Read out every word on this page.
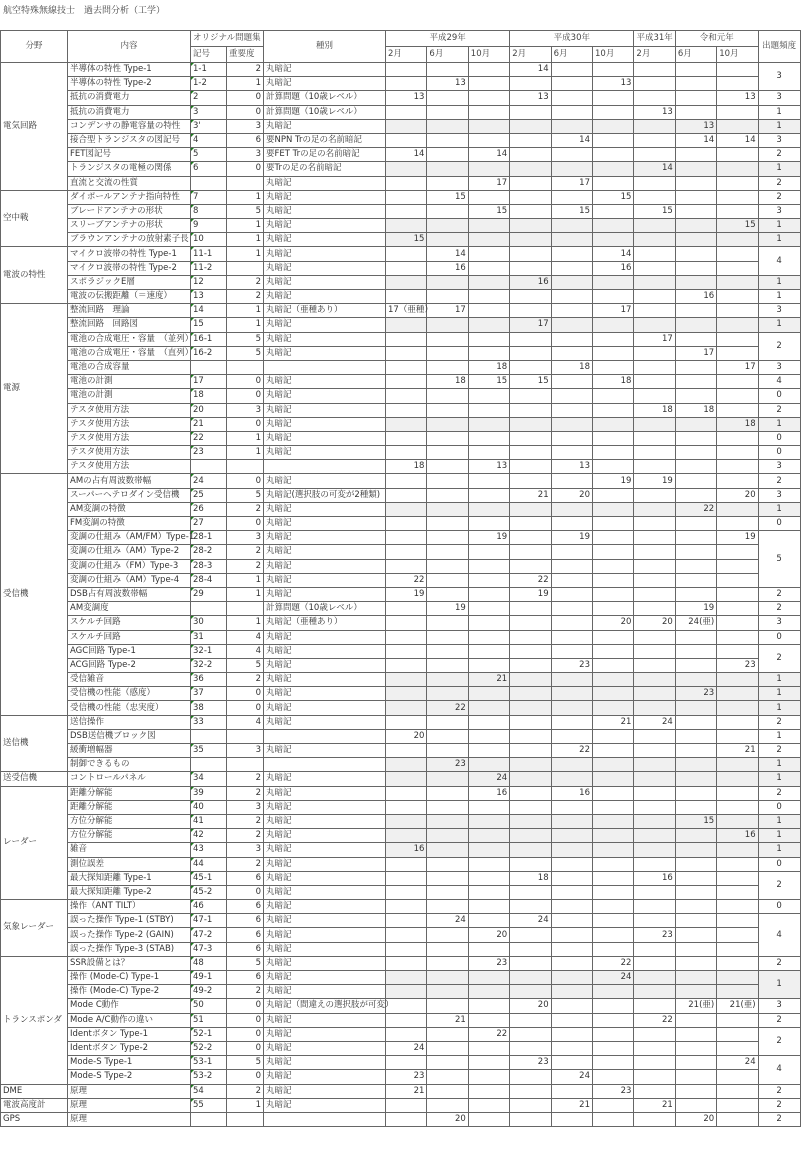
航空特殊無線技士　過去問分析（工学）
分野	内容	オリジナル問題集		種別	平成29年			平成30年			平成31年	令和元年		出題頻度
		記号	重要度		2月	6月	10月	2月	6月	10月	2月	6月	10月	
電気回路	半導体の特性 Type-1	1-1	2	丸暗記				14						3
	半導体の特性 Type-2	1-2	1	丸暗記		13				13				
	抵抗の消費電力	2	0	計算問題（10歳レベル）	13			13					13	3
	抵抗の消費電力	3	0	計算問題（10歳レベル）							13			1
	コンデンサの静電容量の特性	3'	3	丸暗記								13		1
	接合型トランジスタの図記号	4	6	要NPN Trの足の名前暗記					14			14	14	3
	FET図記号	5	3	要FET Trの足の名前暗記	14		14							2
	トランジスタの電極の関係	6	0	要Trの足の名前暗記							14			1
	直流と交流の性質			丸暗記			17		17					2
空中戦	ダイポールアンテナ指向特性	7	1	丸暗記		15				15				2
	ブレードアンテナの形状	8	5	丸暗記			15		15		15			3
	スリーブアンテナの形状	9	1	丸暗記									15	1
	ブラウンアンテナの放射素子長	10	1	丸暗記	15									1
電波の特性	マイクロ波帯の特性 Type-1	11-1	1	丸暗記		14				14				4
	マイクロ波帯の特性 Type-2	11-2		丸暗記		16				16				
	スポラジックE層	12	2	丸暗記				16						1
	電波の伝搬距離（＝速度）	13	2	丸暗記								16		1
電源	整流回路　理論	14	1	丸暗記（亜種あり）	17（亜種）	17				17				3
	整流回路　回路図	15	1	丸暗記				17						1
	電池の合成電圧・容量　（並列）	16-1	5	丸暗記							17			2
	電池の合成電圧・容量　（直列）	16-2	5	丸暗記								17		
	電池の合成容量						18		18				17	3
	電池の計測	17	0	丸暗記		18	15	15		18				4
	電池の計測	18	0	丸暗記										0
	テスタ使用方法	20	3	丸暗記							18	18		2
	テスタ使用方法	21	0	丸暗記									18	1
	テスタ使用方法	22	1	丸暗記										0
	テスタ使用方法	23	1	丸暗記										0
	テスタ使用方法				18		13		13					3
受信機	AMの占有周波数帯幅	24	0	丸暗記						19	19			2
	スーパーヘテロダイン受信機	25	5	丸暗記(選択肢の可変が2種類)				21	20				20	3
	AM変調の特徴	26	2	丸暗記								22		1
	FM変調の特徴	27	0	丸暗記										0
	変調の仕組み（AM/FM）Type-1	28-1	3	丸暗記			19		19				19	5
	変調の仕組み（AM）Type-2	28-2	2	丸暗記										
	変調の仕組み（FM）Type-3	28-3	2	丸暗記										
	変調の仕組み（AM）Type-4	28-4	1	丸暗記	22			22						
	DSB占有周波数帯幅	29	1	丸暗記	19			19						2
	AM変調度			計算問題（10歳レベル）		19						19		2
	スケルチ回路	30	1	丸暗記（亜種あり）						20	20	24(亜)		3
	スケルチ回路	31	4	丸暗記										0
	AGC回路 Type-1	32-1	4	丸暗記										2
	ACG回路 Type-2	32-2	5	丸暗記					23				23	
	受信雑音	36	2	丸暗記			21							1
	受信機の性能（感度）	37	0	丸暗記								23		1
	受信機の性能（忠実度）	38	0	丸暗記		22								1
送信機	送信操作	33	4	丸暗記						21	24			2
	DSB送信機ブロック図				20									1
	緩衝増幅器	35	3	丸暗記					22				21	2
	制御できるもの					23								1
送受信機	コントロールパネル	34	2	丸暗記			24							1
レーダー	距離分解能	39	2	丸暗記			16		16					2
	距離分解能	40	3	丸暗記										0
	方位分解能	41	2	丸暗記								15		1
	方位分解能	42	2	丸暗記									16	1
	雑音	43	3	丸暗記	16									1
	測位誤差	44	2	丸暗記										0
	最大探知距離 Type-1	45-1	6	丸暗記				18			16			2
	最大探知距離 Type-2	45-2	0	丸暗記										
気象レーダー	操作（ANT TILT）	46	6	丸暗記										0
	誤った操作 Type-1 (STBY)	47-1	6	丸暗記		24		24						4
	誤った操作 Type-2 (GAIN)	47-2	6	丸暗記			20				23			
	誤った操作 Type-3 (STAB)	47-3	6	丸暗記										
トランスポンダ	SSR設備とは？	48	5	丸暗記			23			22				2
	操作 (Mode-C) Type-1	49-1	6	丸暗記						24				1
	操作 (Mode-C) Type-2	49-2	2	丸暗記										
	Mode C動作	50	0	丸暗記（間違えの選択肢が可変）				20				21(亜)	21(亜)	3
	Mode A/C動作の違い	51	0	丸暗記		21					22			2
	Identボタン Type-1	52-1	0	丸暗記			22							2
	Identボタン Type-2	52-2	0	丸暗記	24									
	Mode-S Type-1	53-1	5	丸暗記				23					24	4
	Mode-S Type-2	53-2	0	丸暗記	23				24					
DME	原理	54	2	丸暗記	21					23				2
電波高度計	原理	55	1	丸暗記					21		21			2
GPS	原理					20						20		2
